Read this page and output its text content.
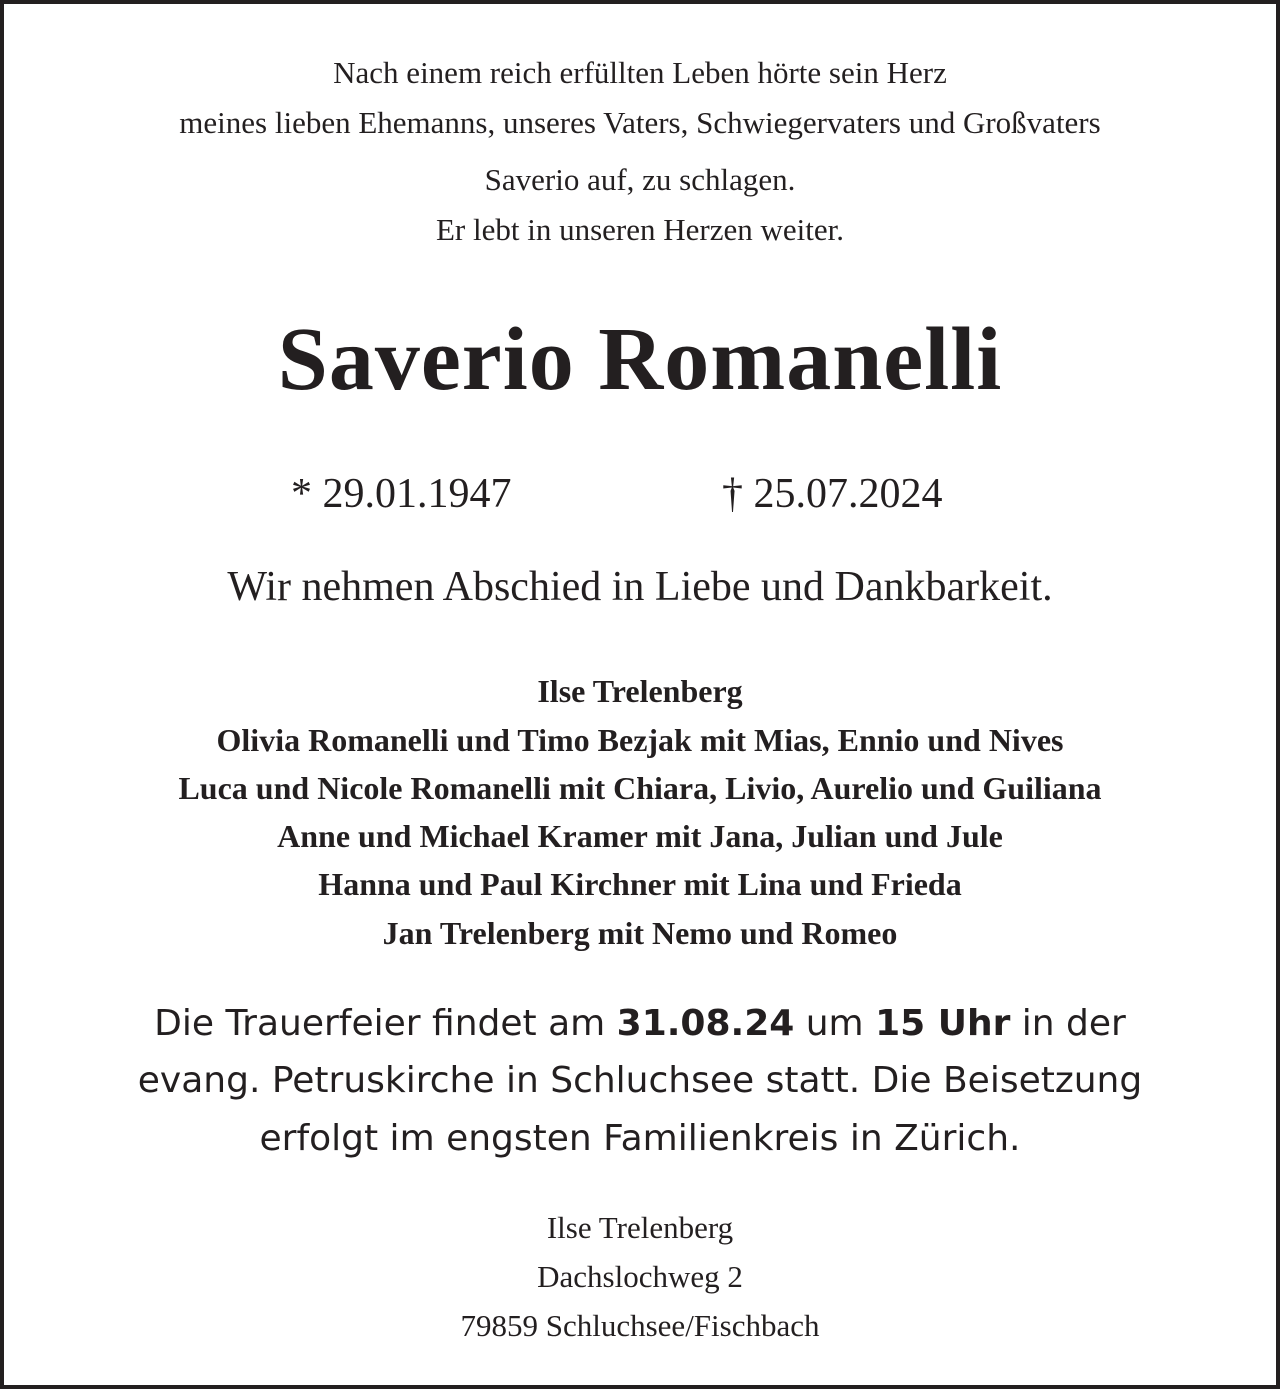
Nach einem reich erfüllten Leben hörte sein Herz

meines lieben Ehemanns, unseres Vaters, Schwiegervaters und Großvaters

Saverio auf, zu schlagen.

Er lebt in unseren Herzen weiter.

Saverio Romanelli
* 29.01.1947	† 25.07.2024

Wir nehmen Abschied in Liebe und Dankbarkeit.

Ilse Trelenberg

Olivia Romanelli und Timo Bezjak mit Mias, Ennio und Nives

Luca und Nicole Romanelli mit Chiara, Livio, Aurelio und Guiliana

Anne und Michael Kramer mit Jana, Julian und Jule

Hanna und Paul Kirchner mit Lina und Frieda

Jan Trelenberg mit Nemo und Romeo

Die Trauerfeier findet am 31.08.24 um 15 Uhr in der

evang. Petruskirche in Schluchsee statt. Die Beisetzung

erfolgt im engsten Familienkreis in Zürich.

Ilse Trelenberg

Dachslochweg 2

79859 Schluchsee/Fischbach
